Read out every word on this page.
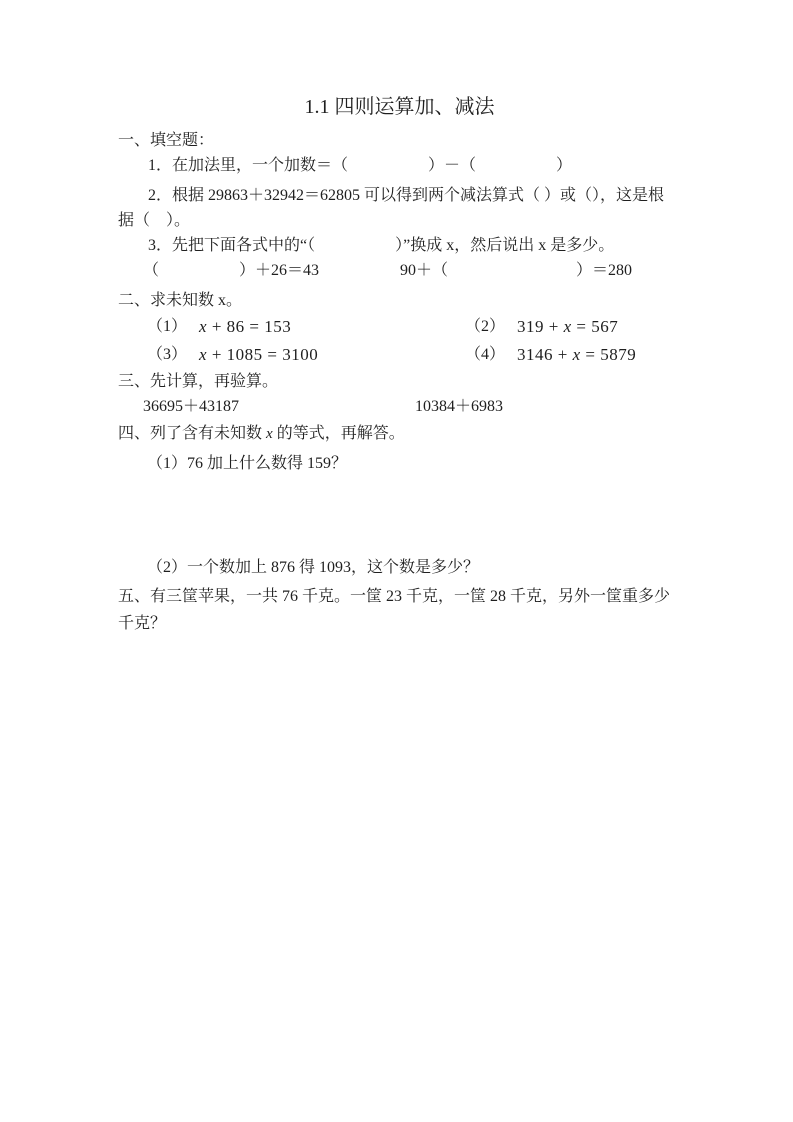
1.1 四则运算加、减法
一、填空题：
1．在加法里，一个加数＝（　　　　　）－（　　　　　）
2．根据 29863＋32942＝62805 可以得到两个减法算式（ ）或（），这是根
据（　）。
3．先把下面各式中的“（　　　　　）”换成 x，然后说出 x 是多少。
（　　　　　）＋26＝43	90＋（　　　　　　　　）＝280
二、求未知数 x。
（1） x + 86 = 153	（2） 319 + x = 567
（3） x + 1085 = 3100	（4） 3146 + x = 5879
三、先计算，再验算。
36695＋43187	10384＋6983
四、列了含有未知数 x 的等式，再解答。
（1）76 加上什么数得 159？
（2）一个数加上 876 得 1093，这个数是多少？
五、有三筐苹果，一共 76 千克。一筐 23 千克，一筐 28 千克，另外一筐重多少
千克？
